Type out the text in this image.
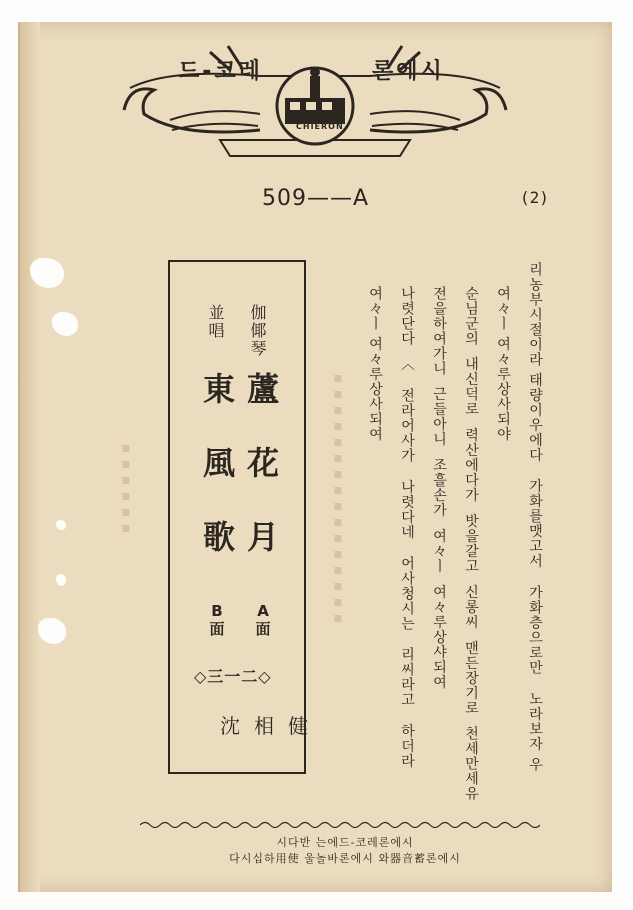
드-코레	론에시
CHIERON
509——A	(2)
伽倻琴
並唱
蘆花月
東風歌
A
面
B
面
沈相健
◇三一二◇
▪▪▪▪▪▪	▪▪▪▪▪▪▪▪▪▪▪▪▪▪▪▪	리농부시절이라 태량이우에다   가화를맷고서   가화층으로만   노라보자 우
여々ㅣ 여々루상사되야
순님군의  내신덕로  력산에다가  밧을갈고  신롱씨  맨든장기로  천세만세유
전을하여가니  근들아니  조흘손가  여々ㅣ  여々루상샤되여
나렷단다  〈   전라어사가   나렷다네   어사청시는   리씨라고   하더라
여々ㅣ 여々루상사되여
시다반 는에드-코레론에시
다시십하用使 울놀바론에시 와器音蓄론에시
